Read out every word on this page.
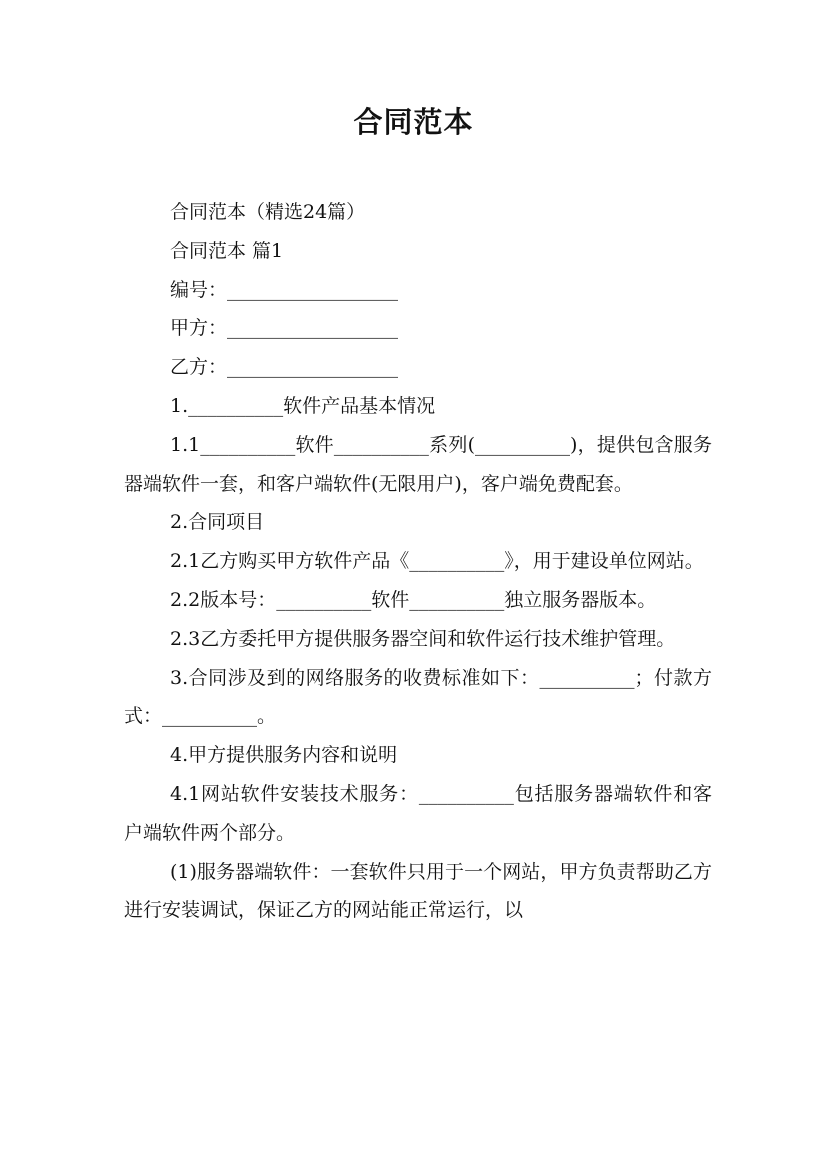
合同范本

合同范本（精选24篇）

合同范本 篇1

编号：__________________

甲方：__________________

乙方：__________________

1.__________软件产品基本情况

1.1__________软件__________系列(__________)，提供包含服务器端软件一套，和客户端软件(无限用户)，客户端免费配套。

2.合同项目

2.1乙方购买甲方软件产品《__________》，用于建设单位网站。

2.2版本号：__________软件__________独立服务器版本。

2.3乙方委托甲方提供服务器空间和软件运行技术维护管理。

3.合同涉及到的网络服务的收费标准如下：__________；付款方式：__________。

4.甲方提供服务内容和说明

4.1网站软件安装技术服务：__________包括服务器端软件和客户端软件两个部分。

(1)服务器端软件：一套软件只用于一个网站，甲方负责帮助乙方进行安装调试，保证乙方的网站能正常运行，以
